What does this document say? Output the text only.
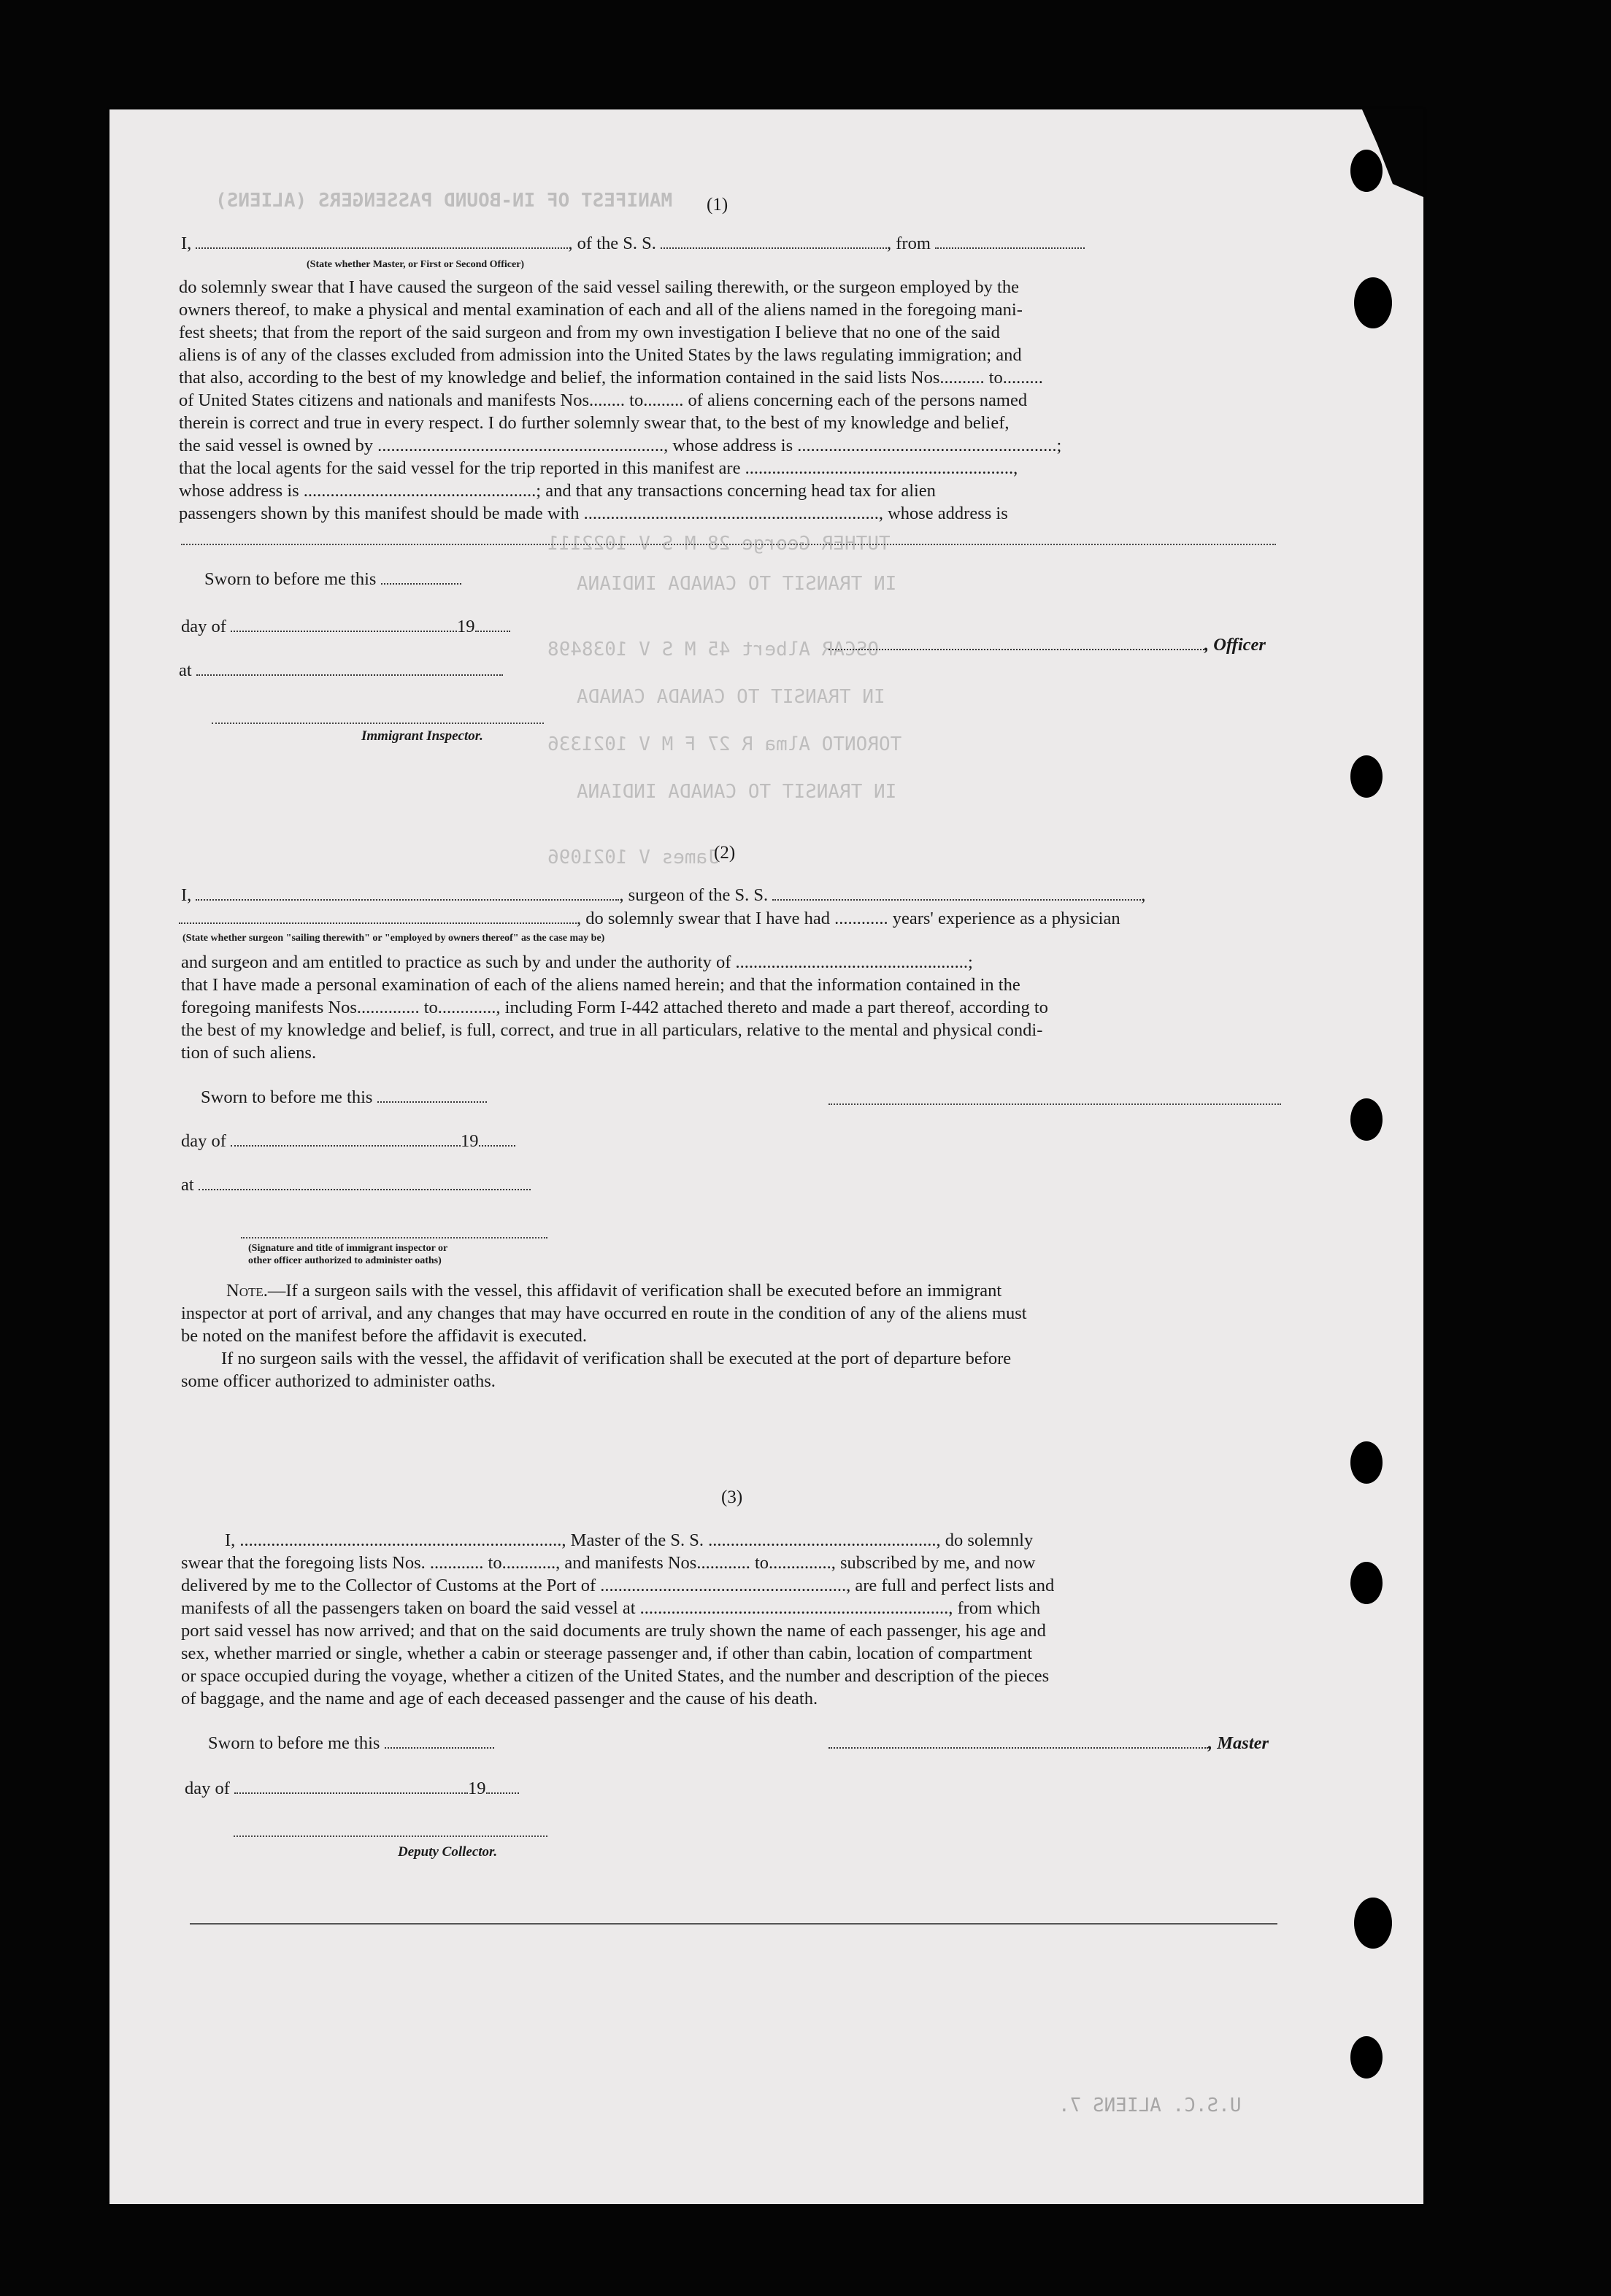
MANIFEST OF IN-BOUND PASSENGERS (ALIENS)
TUTHER George 28 M S V 1022111
IN TRANSIT TO CANADA INDIANA
OSCAR Albert 45 M S V 1038498
IN TRANSIT TO CANADA CANADA
TORONTO Alma R 27 F M V 1021336
IN TRANSIT TO CANADA INDIANA
James V 1021096
(1)
I,	, of the S. S.	, from
(State whether Master, or First or Second Officer)
do solemnly swear that I have caused the surgeon of the said vessel sailing therewith, or the surgeon employed by the
owners thereof, to make a physical and mental examination of each and all of the aliens named in the foregoing mani-
fest sheets; that from the report of the said surgeon and from my own investigation I believe that no one of the said
aliens is of any of the classes excluded from admission into the United States by the laws regulating immigration; and
that also, according to the best of my knowledge and belief, the information contained in the said lists Nos.......... to.........
of United States citizens and nationals and manifests Nos........ to......... of aliens concerning each of the persons named
therein is correct and true in every respect. I do further solemnly swear that, to the best of my knowledge and belief,
the said vessel is owned by ................................................................, whose address is ..........................................................;
that the local agents for the said vessel for the trip reported in this manifest are ............................................................,
whose address is ....................................................; and that any transactions concerning head tax for alien
passengers shown by this manifest should be made with .................................................................., whose address is
Sworn to before me this
day of	19
, Officer
at
Immigrant Inspector.
(2)
I,	, surgeon of the S. S.	,
, do solemnly swear that I have had ............ years' experience as a physician
(State whether surgeon "sailing therewith" or "employed by owners thereof" as the case may be)
and surgeon and am entitled to practice as such by and under the authority of ....................................................;
that I have made a personal examination of each of the aliens named herein; and that the information contained in the
foregoing manifests Nos.............. to............., including Form I-442 attached thereto and made a part thereof, according to
the best of my knowledge and belief, is full, correct, and true in all particulars, relative to the mental and physical condi-
tion of such aliens.
Sworn to before me this
day of	19
at
(Signature and title of immigrant inspector or
other officer authorized to administer oaths)
Note.—If a surgeon sails with the vessel, this affidavit of verification shall be executed before an immigrant
inspector at port of arrival, and any changes that may have occurred en route in the condition of any of the aliens must
be noted on the manifest before the affidavit is executed.
If no surgeon sails with the vessel, the affidavit of verification shall be executed at the port of departure before
some officer authorized to administer oaths.
(3)
I, ........................................................................, Master of the S. S. ..................................................., do solemnly
swear that the foregoing lists Nos. ............ to............, and manifests Nos............ to.............., subscribed by me, and now
delivered by me to the Collector of Customs at the Port of ......................................................., are full and perfect lists and
manifests of all the passengers taken on board the said vessel at ....................................................................., from which
port said vessel has now arrived; and that on the said documents are truly shown the name of each passenger, his age and
sex, whether married or single, whether a cabin or steerage passenger and, if other than cabin, location of compartment
or space occupied during the voyage, whether a citizen of the United States, and the number and description of the pieces
of baggage, and the name and age of each deceased passenger and the cause of his death.
Sworn to before me this	, Master
day of	19
Deputy Collector.
U.S.C. ALIENS 7.
